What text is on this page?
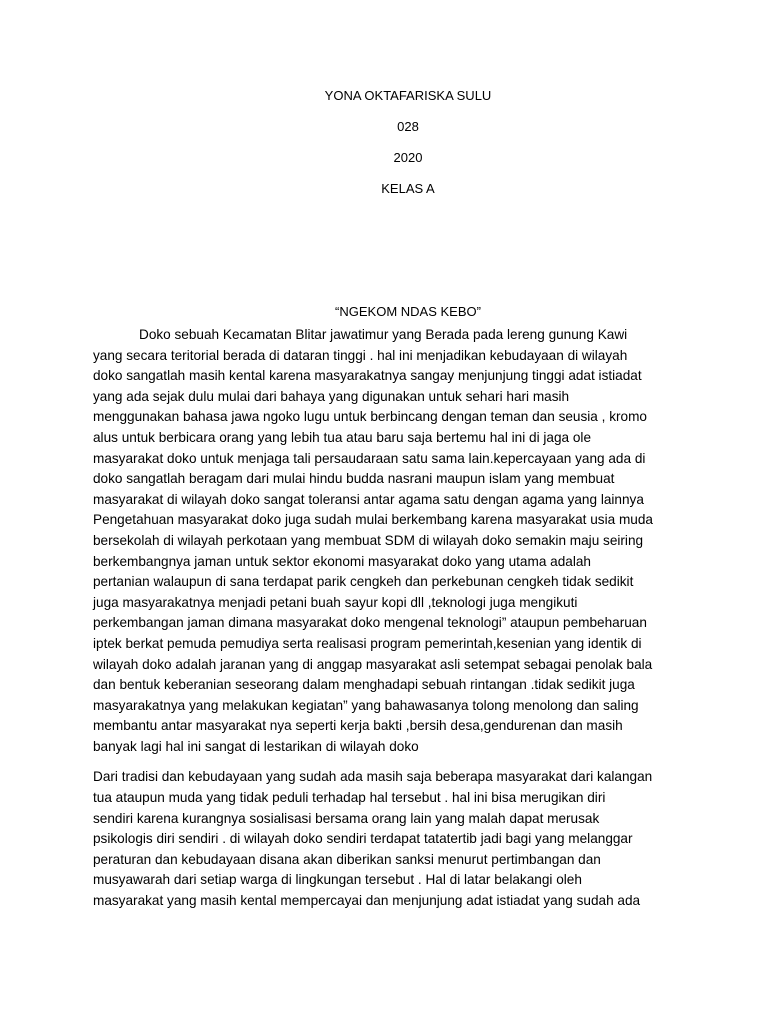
YONA OKTAFARISKA SULU
028
2020
KELAS A
“NGEKOM NDAS KEBO”
Doko sebuah Kecamatan Blitar jawatimur yang Berada pada lereng gunung Kawi
yang secara teritorial berada di dataran tinggi . hal ini menjadikan kebudayaan di wilayah
doko sangatlah masih kental karena masyarakatnya sangay menjunjung tinggi adat istiadat
yang ada sejak dulu mulai dari bahaya yang digunakan untuk sehari hari masih
menggunakan bahasa jawa ngoko lugu untuk berbincang dengan teman dan seusia , kromo
alus untuk berbicara orang yang lebih tua atau baru saja bertemu hal ini di jaga ole
masyarakat doko untuk menjaga tali persaudaraan satu sama lain.kepercayaan yang ada di
doko sangatlah beragam dari mulai hindu budda nasrani maupun islam yang membuat
masyarakat di wilayah doko sangat toleransi antar agama satu dengan agama yang lainnya
Pengetahuan masyarakat doko juga sudah mulai berkembang karena masyarakat usia muda
bersekolah di wilayah perkotaan yang membuat SDM di wilayah doko semakin maju seiring
berkembangnya jaman untuk sektor ekonomi masyarakat doko yang utama adalah
pertanian walaupun di sana terdapat parik cengkeh dan perkebunan cengkeh tidak sedikit
juga masyarakatnya menjadi petani buah sayur kopi dll ,teknologi juga mengikuti
perkembangan jaman dimana masyarakat doko mengenal teknologi” ataupun pembeharuan
iptek berkat pemuda pemudiya serta realisasi program pemerintah,kesenian yang identik di
wilayah doko adalah jaranan yang di anggap masyarakat asli setempat sebagai penolak bala
dan bentuk keberanian seseorang dalam menghadapi sebuah rintangan .tidak sedikit juga
masyarakatnya yang melakukan kegiatan” yang bahawasanya tolong menolong dan saling
membantu antar masyarakat nya seperti kerja bakti ,bersih desa,gendurenan dan masih
banyak lagi hal ini sangat di lestarikan di wilayah doko
Dari tradisi dan kebudayaan yang sudah ada masih saja beberapa masyarakat dari kalangan
tua ataupun muda yang tidak peduli terhadap hal tersebut . hal ini bisa merugikan diri
sendiri karena kurangnya sosialisasi bersama orang lain yang malah dapat merusak
psikologis diri sendiri . di wilayah doko sendiri terdapat tatatertib jadi bagi yang melanggar
peraturan dan kebudayaan disana akan diberikan sanksi menurut pertimbangan dan
musyawarah dari setiap warga di lingkungan tersebut . Hal di latar belakangi oleh
masyarakat yang masih kental mempercayai dan menjunjung adat istiadat yang sudah ada
